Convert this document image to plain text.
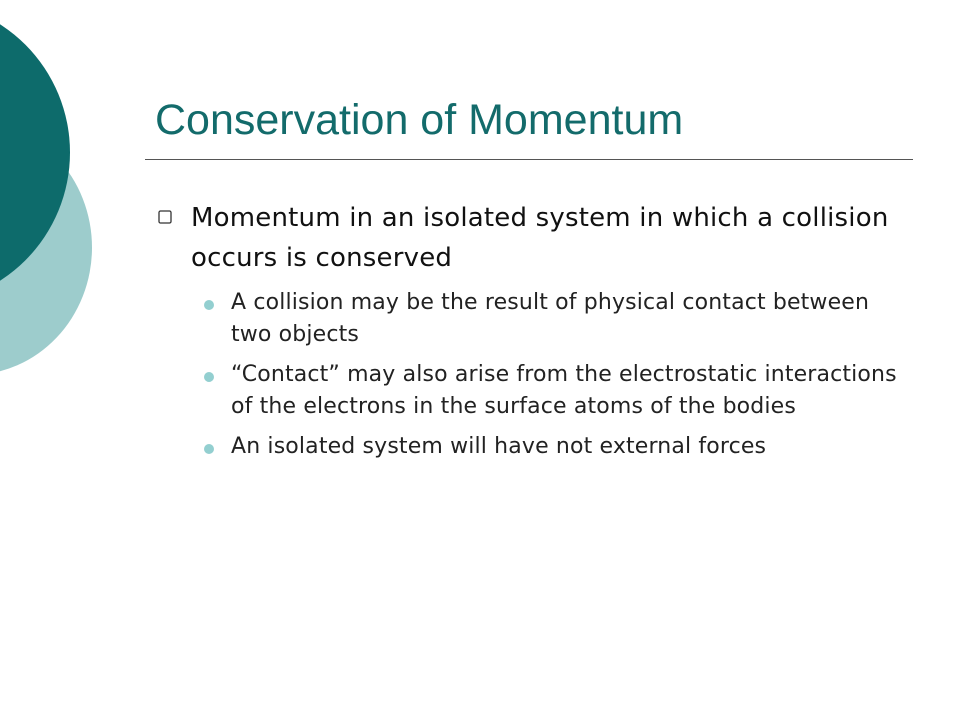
Conservation of Momentum
Momentum in an isolated system in which a collision occurs is conserved
A collision may be the result of physical contact between two objects
“Contact” may also arise from the electrostatic interactions of the electrons in the surface atoms of the bodies
An isolated system will have not external forces
